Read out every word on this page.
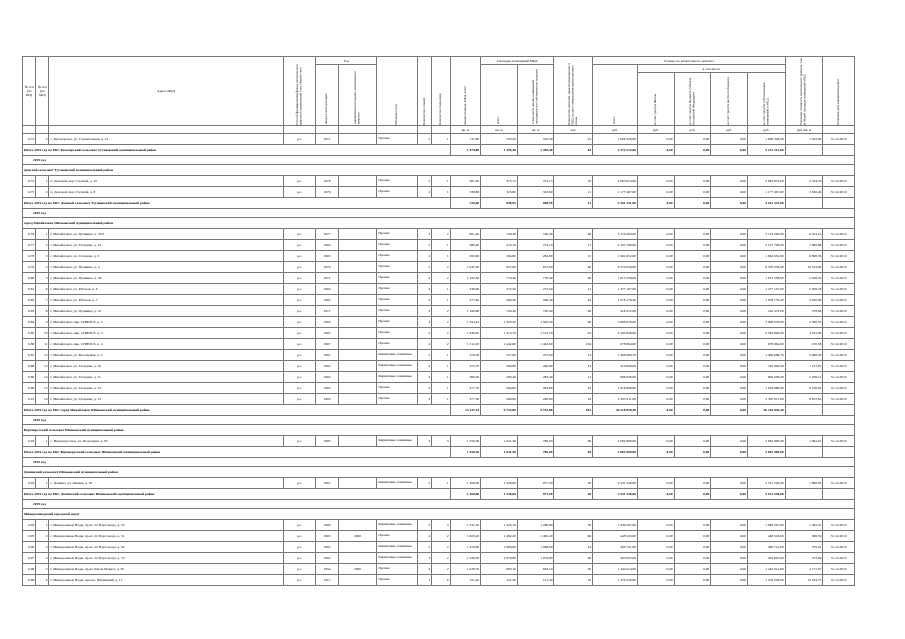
№ п/п (по КП)	№ п/п (по МО)	Адрес МКД	Способ формирования фонда капитального ремонта (специальный счет, общий счет)	Год		Материал стен	Количество этажей	Количество подъездов	общая площадь МКД, всего	Площадь помещений МКД		Количество жителей, зарегистрированных в МКД на дату утверждения краткосрочного плана	Стоимость капитального ремонта					Удельная стоимость капитального ремонта 1 кв. м общей площади помещений МКД	Плановая дата завершения работ

				ввода в эксплуатацию	завершения последнего капитального ремонта					всего	в том числе жилых помещений, находящихся в собственности граждан		всего	в том числе					

														за счет средств Фонда	за счет средств бюджета субъекта Российской Федерации	за счет средств местного бюджета	за счет средств собственников помещений в МКД		

									кв. м	кв. м	кв. м	чел.	руб.	руб.	руб.	руб.	руб.	руб./кв. м	
1173	2	с. Белозерское, ул. Строительная, д. 41	р.о.	1971		Прочие	2	1	711,80	535,40	535,40	25	1 006 326,00	0,00	0,00	0,00	1 006 326,00	1 452,06	31.12.2019
Итого 2019 год по МО: Белозерский сельсовет Тугановский муниципальный район									1 579,80	1 395,40	1 395,40	64	2 272 212,00	0,00	0,00	0,00	2 272 212,00		
2019 год																			
Донской сельсовет Тугановский муниципальный район																			
1174	1	п. Донской, пер. Степной, д. 10	р.о.	1978		Прочие	2	1	387,20	375,15	375,15	10	2 083 874,00	0,00	0,00	0,00	2 083 874,00	5 554,76	31.12.2019
1175	2	п. Донской, пер. Степной, д. 8	р.о.	1976		Прочие	2	1	338,80	323,80	323,80	11	1 177 467,00	0,00	0,00	0,00	1 177 467,00	3 636,40	31.12.2019
Итого 2019 год по МО: Донской сельсовет Тугановский муниципальный район									726,00	698,95	698,95	21	3 261 341,00	0,00	0,00	0,00	3 261 341,00		
2019 год																			
город Михайловск Шпаковский муниципальный район																			
1176	1	г. Михайловск, ул. Пушкина, д. 55/2	р.о.	1977		Прочие	2	2	801,40	740,40	740,40	48	5 119 200,00	0,00	0,00	0,00	5 119 200,00	6 914,10	31.12.2019
1177	2	г. Михайловск, ул. Гагарина, д. 14	р.о.	1964		Прочие	2	1	386,40	274,10	274,10	17	2 107 796,00	0,00	0,00	0,00	2 107 796,00	7 689,88	31.12.2019
1178	3	г. Михайловск, ул. Гагарина, д. 3	р.о.	1965		Прочие	2	1	293,60	284,80	284,80	15	1 964 652,00	0,00	0,00	0,00	1 964 652,00	6 898,36	31.12.2019
1179	4	г. Михайловск, ул. Пушкина, д. 4	р.о.	1970		Прочие	2	2	1 045,50	637,00	637,00	48	6 570 056,00	0,00	0,00	0,00	6 570 056,00	10 314,06	31.12.2019
1180	5	г. Михайловск, ул. Пушкина, д. 49	р.о.	1971		Прочие	2	2	1 193,30	770,40	770,40	48	1 815 558,00	0,00	0,00	0,00	1 815 558,00	2 458,45	31.12.2019
1181	6	г. Михайловск, ул. Рабочая, д. 6	р.о.	1964		Прочие	2	1	348,60	272,50	272,50	21	1 477 107,00	0,00	0,00	0,00	1 477 107,00	5 409,76	31.12.2019
1182	7	г. Михайловск, ул. Рабочая, д. 7	р.о.	1965		Прочие	2	1	277,40	266,40	266,40	24	1 078 176,40	0,00	0,00	0,00	1 078 176,40	4 050,96	31.12.2019
1183	8	г. Михайловск, ул. Пушкина, д. 47	р.о.	1971		Прочие	2	2	1 180,90	720,40	720,40	48	416 472,00	0,00	0,00	0,00	416 472,00	578,08	31.12.2019
1184	9	г. Михайловск, мкр. СНИИСХ, д. 2	р.о.	1963		Прочие	4	2	1 594,43	1 505,50	1 505,50	96	3 908 079,00	0,00	0,00	0,00	3 908 079,00	2 596,53	31.12.2019
1185	10	г. Михайловск, мкр. СНИИСХ, д. 3	р.о.	1965		Прочие	4	2	1 936,65	1 512,70	1 512,70	94	4 584 840,00	0,00	0,00	0,00	4 584 840,00	3 031,00	31.12.2019
1186	11	г. Михайловск, мкр. СНИИСХ, д. 4	р.о.	1967		Прочие	4	2	1 512,25	1 442,60	1 442,60	104	678 864,00	0,00	0,00	0,00	678 864,00	470,58	31.12.2019
1187	12	г. Михайловск, ул. Весельевая, д. 3	р.о.	1961		Кирпичные, каменные	2	1	376,50	257,00	257,00	13	1 466 689,70	0,00	0,00	0,00	1 466 689,70	5 698,29	31.12.2019
1188	13	г. Михайловск, ул. Гагарина, д. 10	р.о.	1962		Кирпичные, каменные	2	1	373,70	260,80	260,80	13	310 840,00	0,00	0,00	0,00	310 840,00	1 191,87	31.12.2019
1189	14	г. Михайловск, ул. Гагарина, д. 11	р.о.	1962		Кирпичные, каменные	2	1	366,20	283,40	283,40	12	696 636,00	0,00	0,00	0,00	696 636,00	2 458,14	31.12.2019
1190	15	г. Михайловск, ул. Гагарина, д. 12	р.о.	1963		Прочие	2	1	377,70	284,80	284,80	23	1 916 880,00	0,00	0,00	0,00	1 916 880,00	6 730,62	31.12.2019
1191	16	г. Михайловск, ул. Гагарина, д. 13	р.о.	1963		Прочие	2	1	377,30	260,60	260,60	19	2 305 911,00	0,00	0,00	0,00	2 305 911,00	8 872,63	31.12.2019
Итого 2019 год по МО: город Михайловск Шпаковский муниципальный район									13 137,24	9 752,80	9 752,80	614	36 218 830,40	0,00	0,00	0,00	36 218 830,40		
2019 год																			
Верхнерусский сельсовет Шпаковский муниципальный район																			
1192	1	с. Верхнерусское, ул. Подгорная, д. 95	р.о.	1983		Кирпичные, каменные	3	3	1 550,36	1 041,30	780,00	69	2 062 900,00	0,00	0,00	0,00	2 062 900,00	1 962,61	31.12.2019
Итого 2019 год по МО: Верхнерусский сельсовет Шпаковский муниципальный район									1 550,36	1 041,30	780,00	69	2 062 900,00	0,00	0,00	0,00	2 062 900,00		
2019 год																			
Деминский сельсовет Шпаковский муниципальный район																			
1193	1	с. Демино, ул. Ленина, д. 30	р.о.	1967		Кирпичные, каменные	5	1	1 360,00	1 330,00	977,20	28	2 531 540,00	0,00	0,00	0,00	2 531 540,00	1 896,03	31.12.2019
Итого 2019 год по МО: Деминский сельсовет Шпаковский муниципальный район									1 360,00	1 330,00	977,20	28	2 531 540,00	0,00	0,00	0,00	2 531 540,00		
2019 год																			
Минераловодский городской округ																			
1194	1	г. Минеральные Воды, пр-кт. 22 Партсъезда, д. 52	р.о.	1960		Кирпичные, каменные	3	3	1 532,10	1 424,10	1 260,80	58	1 949 297,00	0,00	0,00	0,00	1 949 297,00	1 362,47	31.12.2019
1195	2	г. Минеральные Воды, пр-кт. 22 Партсъезда, д. 51	р.о.	1965	2000	Прочие	4	2	1 823,20	1 482,20	1 482,20	66	448 543,00	0,00	0,00	0,00	448 543,00	308,59	31.12.2019
1196	3	г. Минеральные Воды, пр-кт. 22 Партсъезда, д. 62	р.о.	1962		Кирпичные, каменные	3	2	1 470,80	1 068,60	1 068,60	44	409 741,00	0,00	0,00	0,00	409 741,00	375,01	31.12.2019
1197	4	г. Минеральные Воды, пр-кт. 22 Партсъезда, д. 74	р.о.	1962		Кирпичные, каменные	3	2	1 538,30	1 079,80	1 079,80	48	403 825,00	0,00	0,00	0,00	403 825,00	373,06	31.12.2019
1198	5	г. Минеральные Воды, пр-кт. Карла Маркса, д. 50	р.о.	1954	2000	Прочие	2	2	1 028,70	663,10	663,10	26	1 444 014,00	0,00	0,00	0,00	1 444 014,00	2 177,67	31.12.2019
1199	6	г. Минеральные Воды, проезд. Пятницкий, д. 11	р.о.	1917		Прочие	1	6	121,40	121,40	121,40	10	1 479 229,00	0,00	0,00	0,00	1 479 229,00	12 184,75	31.12.2019
